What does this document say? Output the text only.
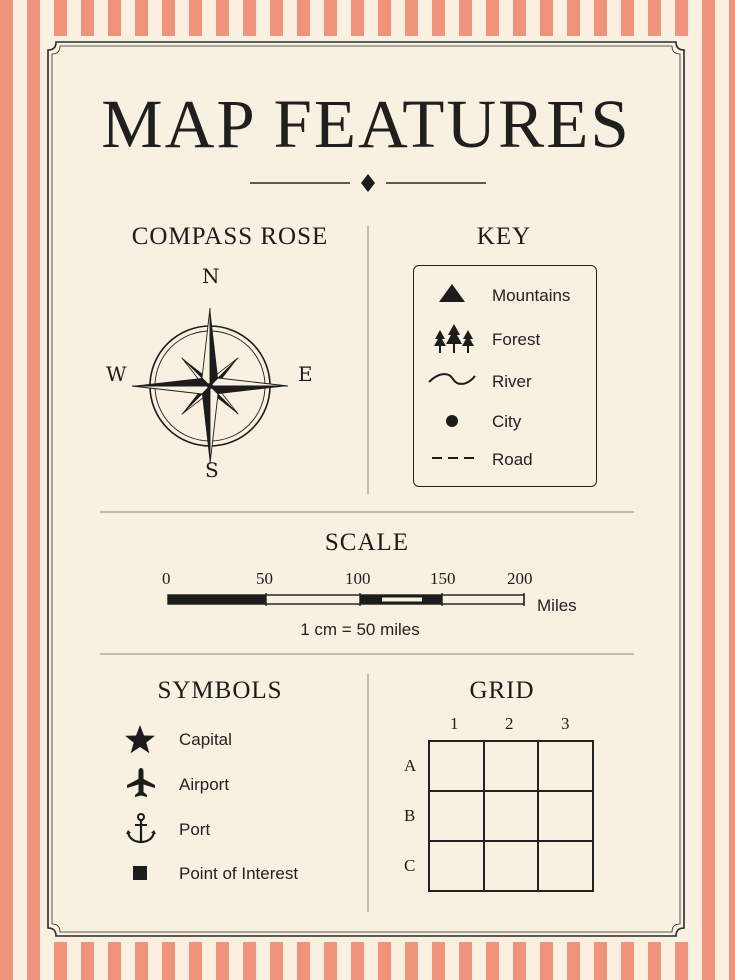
MAP FEATURES
COMPASS ROSE
N
S
E
W
KEY
Mountains
Forest
River
City
Road
SCALE
0	50	100	150	200
Miles
1 cm = 50 miles
SYMBOLS
Capital
Airport
Port
Point of Interest
GRID
1	2	3
A
B
C
